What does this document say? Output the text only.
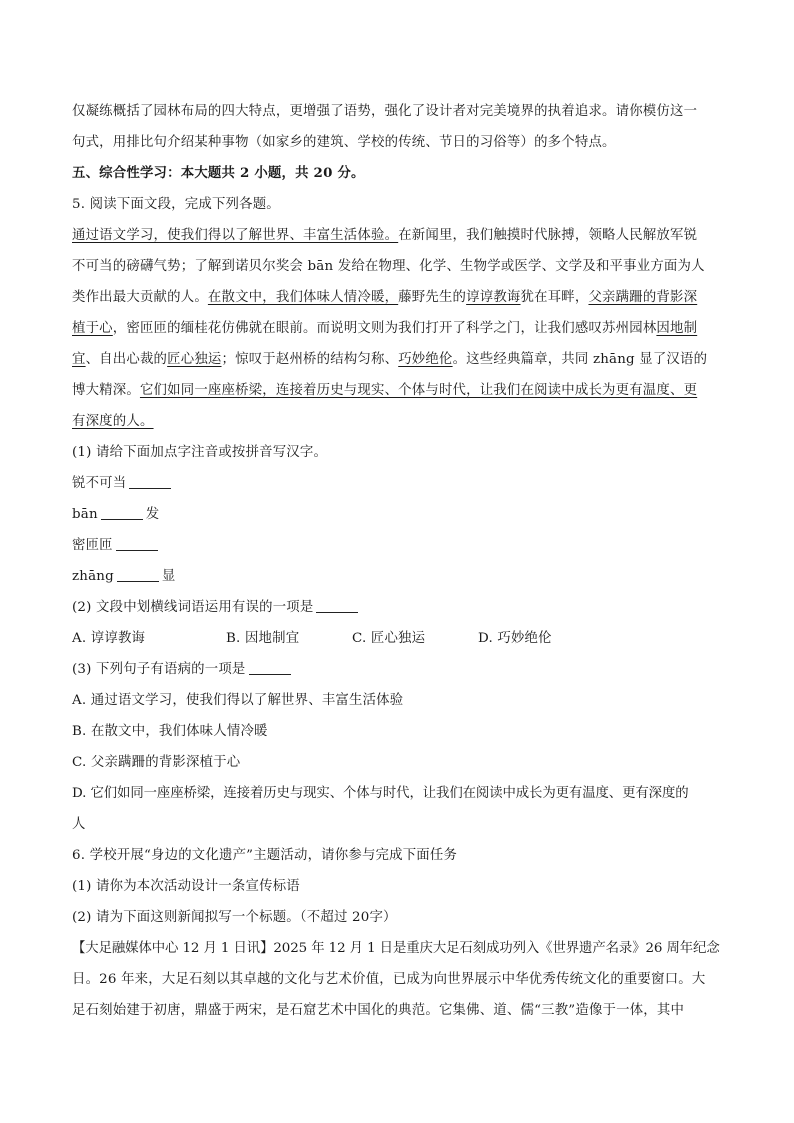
仅凝练概括了园林布局的四大特点，更增强了语势，强化了设计者对完美境界的执着追求。请你模仿这一
句式，用排比句介绍某种事物（如家乡的建筑、学校的传统、节日的习俗等）的多个特点。
五、综合性学习：本大题共 2 小题，共 20 分。
5. 阅读下面文段，完成下列各题。
通过语文学习，使我们得以了解世界、丰富生活体验。在新闻里，我们触摸时代脉搏，领略人民解放军锐
不可当的磅礴气势；了解到诺贝尔奖会 bān 发给在物理、化学、生物学或医学、文学及和平事业方面为人
类作出最大贡献的人。在散文中，我们体味人情冷暖，藤野先生的谆谆教诲犹在耳畔，父亲蹒跚的背影深
植于心，密匝匝的缅桂花仿佛就在眼前。而说明文则为我们打开了科学之门，让我们感叹苏州园林因地制
宜、自出心裁的匠心独运；惊叹于赵州桥的结构匀称、巧妙绝伦。这些经典篇章，共同 zhāng 显了汉语的
博大精深。它们如同一座座桥梁，连接着历史与现实、个体与时代，让我们在阅读中成长为更有温度、更
有深度的人。
(1) 请给下面加点字注音或按拼音写汉字。
锐不可当
bān	发
密匝匝
zhāng	显
(2) 文段中划横线词语运用有误的一项是
A. 谆谆教诲	B. 因地制宜	C. 匠心独运	D. 巧妙绝伦
(3) 下列句子有语病的一项是
A. 通过语文学习，使我们得以了解世界、丰富生活体验
B. 在散文中，我们体味人情冷暖
C. 父亲蹒跚的背影深植于心
D. 它们如同一座座桥梁，连接着历史与现实、个体与时代，让我们在阅读中成长为更有温度、更有深度的
人
6. 学校开展“身边的文化遗产”主题活动，请你参与完成下面任务
(1) 请你为本次活动设计一条宣传标语
(2) 请为下面这则新闻拟写一个标题。（不超过 20字）
【大足融媒体中心 12 月 1 日讯】2025 年 12 月 1 日是重庆大足石刻成功列入《世界遗产名录》26 周年纪念
日。26 年来，大足石刻以其卓越的文化与艺术价值，已成为向世界展示中华优秀传统文化的重要窗口。大
足石刻始建于初唐，鼎盛于两宋，是石窟艺术中国化的典范。它集佛、道、儒“三教”造像于一体，其中
